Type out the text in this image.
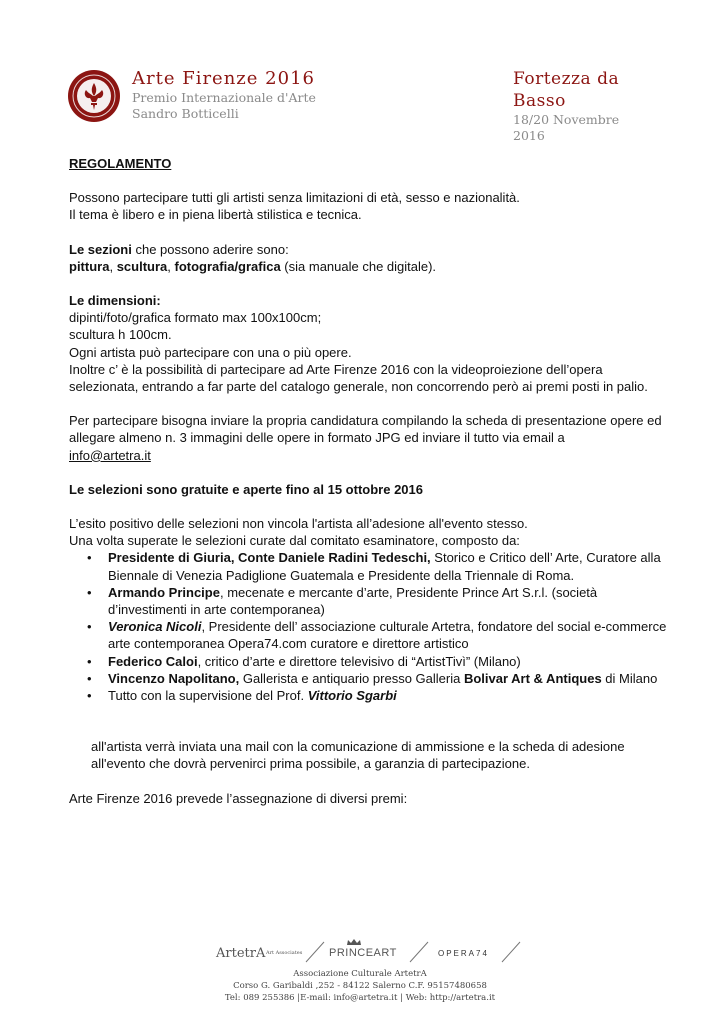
Arte Firenze 2016
Premio Internazionale d'Arte
Sandro Botticelli
Fortezza da Basso
18/20 Novembre
2016

REGOLAMENTO

Possono partecipare tutti gli artisti senza limitazioni di età, sesso e nazionalità.

Il tema è libero e in piena libertà stilistica e tecnica.

Le sezioni che possono aderire sono:

pittura, scultura, fotografia/grafica (sia manuale che digitale).

Le dimensioni:

dipinti/foto/grafica formato max 100x100cm;

scultura h 100cm.

Ogni artista può partecipare con una o più opere.

Inoltre c’ è la possibilità di partecipare ad Arte Firenze 2016 con la videoproiezione dell’opera selezionata, entrando a far parte del catalogo generale, non concorrendo però ai premi posti in palio.

Per partecipare bisogna inviare la propria candidatura compilando la scheda di presentazione opere ed allegare almeno n. 3 immagini delle opere in formato JPG ed inviare il tutto via email a

info@artetra.it

Le selezioni sono gratuite e aperte fino al 15 ottobre 2016

L’esito positivo delle selezioni non vincola l'artista all’adesione all'evento stesso.

Una volta superate le selezioni curate dal comitato esaminatore, composto da:

• Presidente di Giuria, Conte Daniele Radini Tedeschi, Storico e Critico dell’ Arte, Curatore alla Biennale di Venezia Padiglione Guatemala e Presidente della Triennale di Roma.
• Armando Principe, mecenate e mercante d’arte, Presidente Prince Art S.r.l. (società d’investimenti in arte contemporanea)
• Veronica Nicoli, Presidente dell’ associazione culturale Artetra, fondatore del social e-commerce arte contemporanea Opera74.com curatore e direttore artistico
• Federico Caloi, critico d’arte e direttore televisivo di “ArtistTivì” (Milano)
• Vincenzo Napolitano, Gallerista e antiquario presso Galleria Bolivar Art & Antiques di Milano
• Tutto con la supervisione del Prof. Vittorio Sgarbi

all'artista verrà inviata una mail con la comunicazione di ammissione e la scheda di adesione all'evento che dovrà pervenirci prima possibile, a garanzia di partecipazione.

Arte Firenze 2016 prevede l’assegnazione di diversi premi:

ArtetrA Art Associates PRINCEART	OPERA74
Associazione Culturale ArtetrA
Corso G. Garibaldi ,252 - 84122 Salerno C.F. 95157480658
Tel: 089 255386 |E-mail: info@artetra.it | Web: http://artetra.it
